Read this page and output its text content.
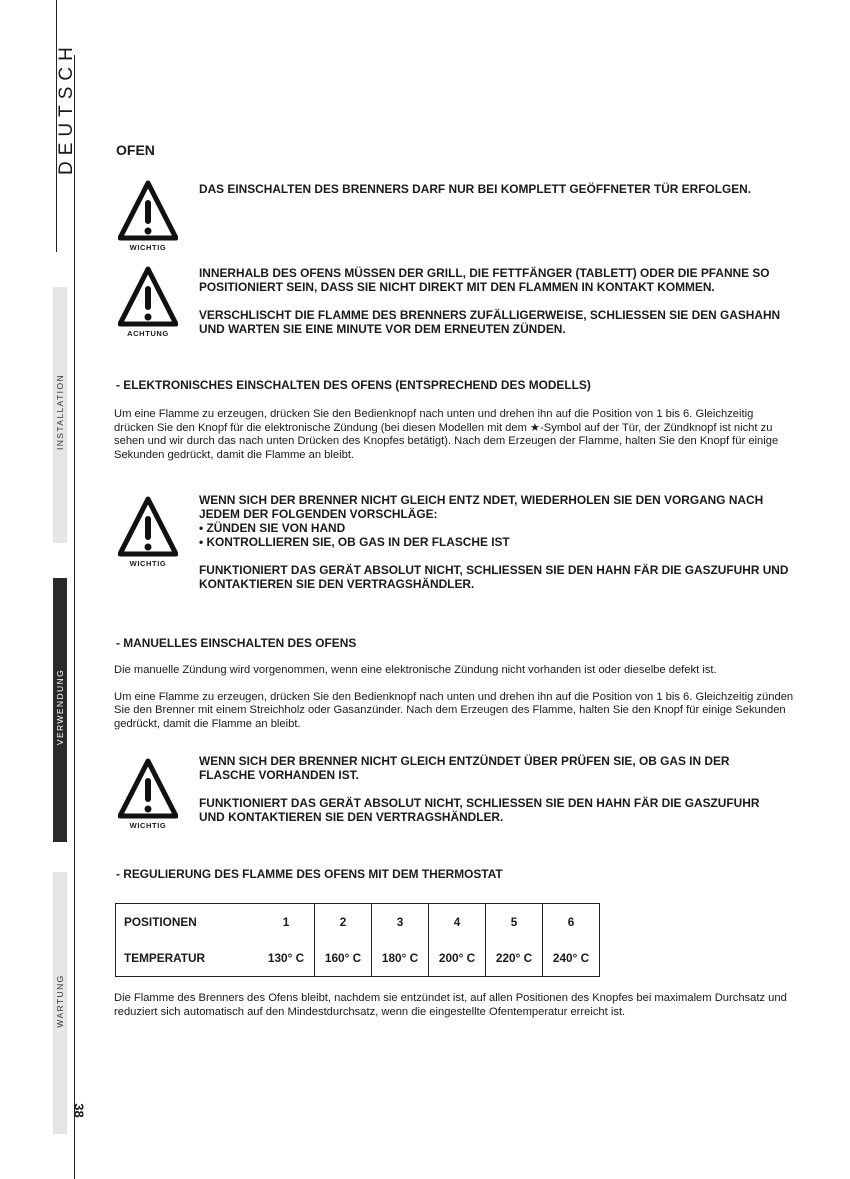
DEUTSCH
INSTALLATION
VERWENDUNG
WARTUNG
38
OFEN
WICHTIG

DAS EINSCHALTEN DES BRENNERS DARF NUR BEI KOMPLETT GEÖFFNETER TÜR ERFOLGEN.

ACHTUNG

INNERHALB DES OFENS MÜSSEN DER GRILL, DIE FETTFÄNGER (TABLETT) ODER DIE PFANNE SO POSITIONIERT SEIN, DASS SIE NICHT DIREKT MIT DEN FLAMMEN IN KONTAKT KOMMEN.

VERSCHLISCHT DIE FLAMME DES BRENNERS ZUFÄLLIGERWEISE, SCHLIESSEN SIE DEN GASHAHN UND WARTEN SIE EINE MINUTE VOR DEM ERNEUTEN ZÜNDEN.

- ELEKTRONISCHES EINSCHALTEN DES OFENS (ENTSPRECHEND DES MODELLS)

Um eine Flamme zu erzeugen, drücken Sie den Bedienknopf nach unten und drehen ihn auf die Position von 1 bis 6. Gleichzeitig drücken Sie den Knopf für die elektronische Zündung (bei diesen Modellen mit dem ★-Symbol auf der Tür, der Zündknopf ist nicht zu sehen und wir durch das nach unten Drücken des Knopfes betätigt). Nach dem Erzeugen der Flamme, halten Sie den Knopf für einige Sekunden gedrückt, damit die Flamme an bleibt.

WICHTIG

WENN SICH DER BRENNER NICHT GLEICH ENTZ NDET, WIEDERHOLEN SIE DEN VORGANG NACH JEDEM DER FOLGENDEN VORSCHLÄGE:

• ZÜNDEN SIE VON HAND

• KONTROLLIEREN SIE, OB GAS IN DER FLASCHE IST

FUNKTIONIERT DAS GERÄT ABSOLUT NICHT, SCHLIESSEN SIE DEN HAHN FÄR DIE GASZUFUHR UND KONTAKTIEREN SIE DEN VERTRAGSHÄNDLER.

- MANUELLES EINSCHALTEN DES OFENS

Die manuelle Zündung wird vorgenommen, wenn eine elektronische Zündung nicht vorhanden ist oder dieselbe defekt ist.

Um eine Flamme zu erzeugen, drücken Sie den Bedienknopf nach unten und drehen ihn auf die Position von 1 bis 6. Gleichzeitig zünden Sie den Brenner mit einem Streichholz oder Gasanzünder. Nach dem Erzeugen des Flamme, halten Sie den Knopf für einige Sekunden gedrückt, damit die Flamme an bleibt.

WICHTIG

WENN SICH DER BRENNER NICHT GLEICH ENTZÜNDET ÜBER PRÜFEN SIE, OB GAS IN DER FLASCHE VORHANDEN IST.

FUNKTIONIERT DAS GERÄT ABSOLUT NICHT, SCHLIESSEN SIE DEN HAHN FÄR DIE GASZUFUHR UND KONTAKTIEREN SIE DEN VERTRAGSHÄNDLER.

- REGULIERUNG DES FLAMME DES OFENS MIT DEM THERMOSTAT
POSITIONEN	1	2	3	4	5	6
TEMPERATUR	130° C	160° C	180° C	200° C	220° C	240° C

Die Flamme des Brenners des Ofens bleibt, nachdem sie entzündet ist, auf allen Positionen des Knopfes bei maximalem Durchsatz und reduziert sich automatisch auf den Mindestdurchsatz, wenn die eingestellte Ofentemperatur erreicht ist.
